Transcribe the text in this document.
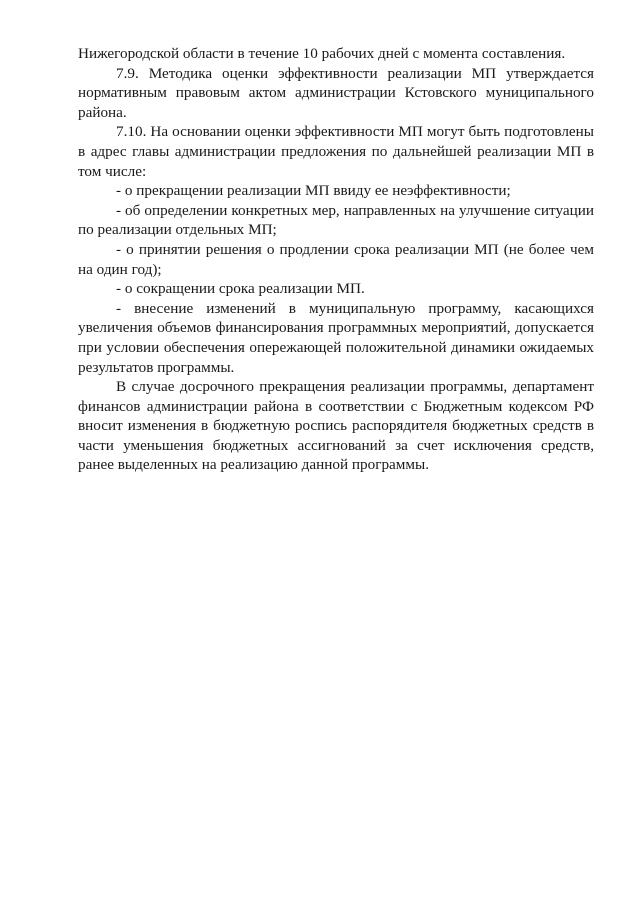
Нижегородской области в течение 10 рабочих дней с момента составления.

7.9. Методика оценки эффективности реализации МП утверждается нормативным правовым актом администрации Кстовского муниципального района.

7.10. На основании оценки эффективности МП могут быть подготовлены в адрес главы администрации предложения по дальнейшей реализации МП в том числе:

- о прекращении реализации МП ввиду ее неэффективности;

- об определении конкретных мер, направленных на улучшение ситуации по реализации отдельных МП;

- о принятии решения о продлении срока реализации МП (не более чем на один год);

- о сокращении срока реализации МП.

- внесение изменений в муниципальную программу, касающихся увеличения объемов финансирования программных мероприятий, допускается при условии обеспечения опережающей положительной динамики ожидаемых результатов программы.

В случае досрочного прекращения реализации программы, департамент финансов администрации района в соответствии с Бюджетным кодексом РФ вносит изменения в бюджетную роспись распорядителя бюджетных средств в части уменьшения бюджетных ассигнований за счет исключения средств, ранее выделенных на реализацию данной программы.
